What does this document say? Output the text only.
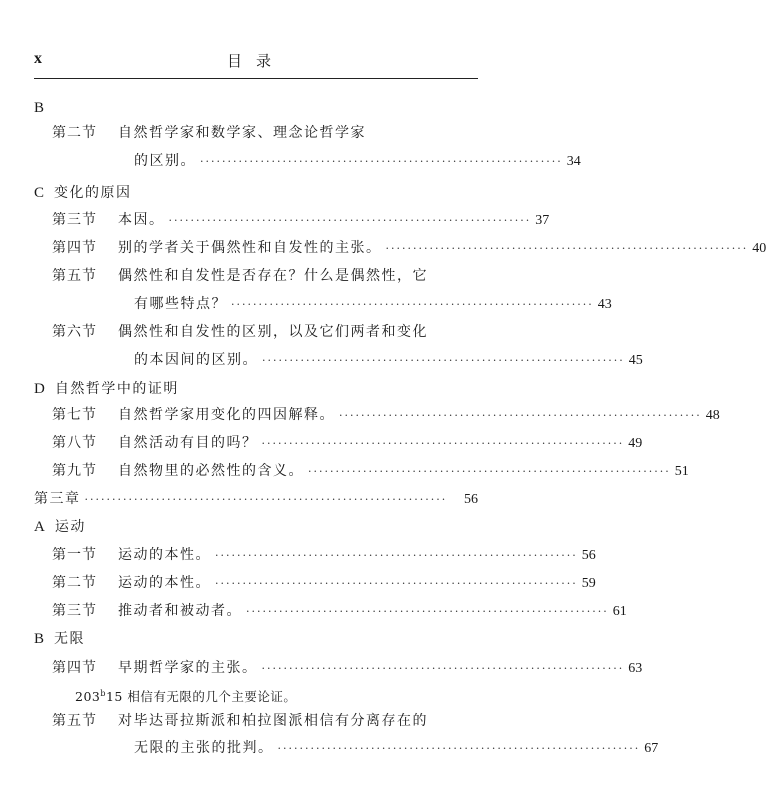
x	目录
B
第二节 自然哲学家和数学家、理念论哲学家
的区别。 ·································································· 34
C 变化的原因
第三节 本因。 ·································································· 37
第四节 别的学者关于偶然性和自发性的主张。 ·································································· 40
第五节 偶然性和自发性是否存在？什么是偶然性，它
有哪些特点？ ·································································· 43
第六节 偶然性和自发性的区别，以及它们两者和变化
的本因间的区别。 ·································································· 45
D 自然哲学中的证明
第七节 自然哲学家用变化的四因解释。 ·································································· 48
第八节 自然活动有目的吗？ ·································································· 49
第九节 自然物里的必然性的含义。 ·································································· 51
第三章 ··································································	56
A 运动
第一节 运动的本性。 ·································································· 56
第二节 运动的本性。 ·································································· 59
第三节 推动者和被动者。 ·································································· 61
B 无限
第四节 早期哲学家的主张。 ·································································· 63
203$^b$15 相信有无限的几个主要论证。
第五节 对毕达哥拉斯派和柏拉图派相信有分离存在的
无限的主张的批判。 ·································································· 67
